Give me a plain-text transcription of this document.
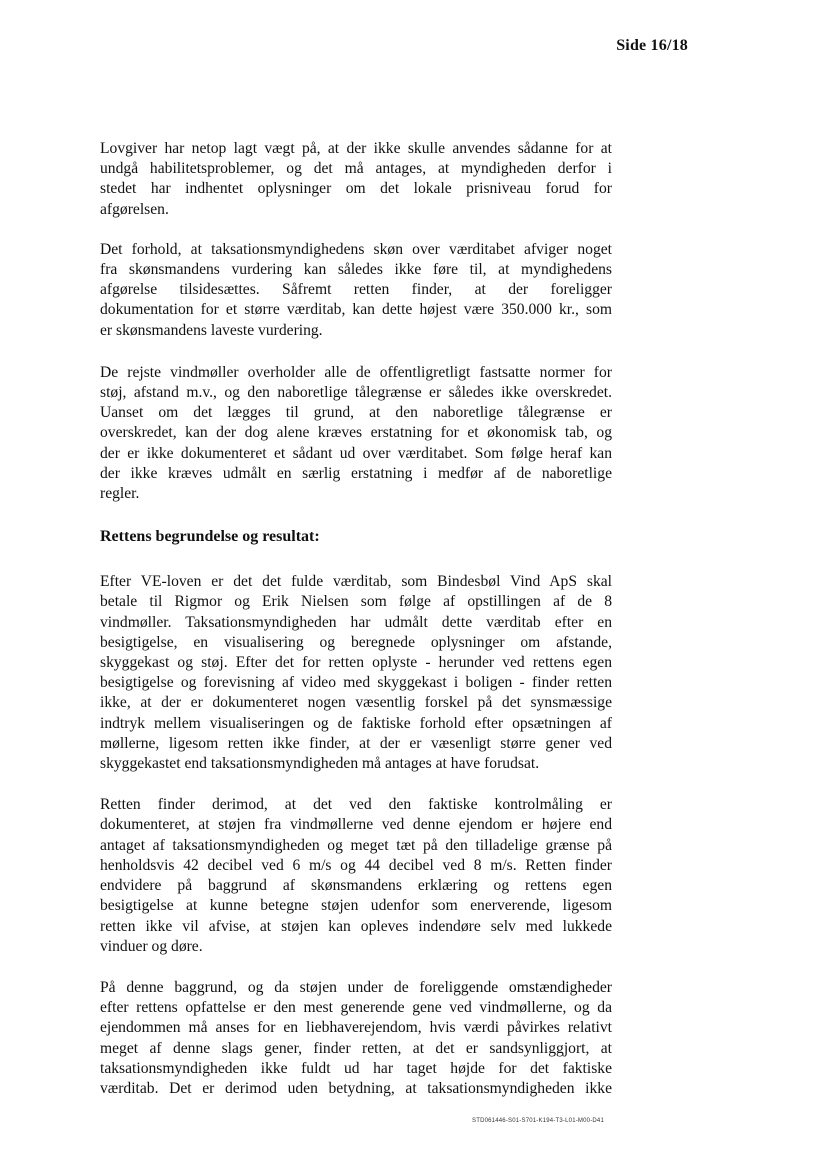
Side 16/18

Lovgiver har netop lagt vægt på, at der ikke skulle anvendes sådanne for at
undgå habilitetsproblemer, og det må antages, at myndigheden derfor i
stedet har indhentet oplysninger om det lokale prisniveau forud for
afgørelsen.

Det forhold, at taksationsmyndighedens skøn over værditabet afviger noget
fra skønsmandens vurdering kan således ikke føre til, at myndighedens
afgørelse tilsidesættes. Såfremt retten finder, at der foreligger
dokumentation for et større værditab, kan dette højest være 350.000 kr., som
er skønsmandens laveste vurdering.

De rejste vindmøller overholder alle de offentligretligt fastsatte normer for
støj, afstand m.v., og den naboretlige tålegrænse er således ikke overskredet.
Uanset om det lægges til grund, at den naboretlige tålegrænse er
overskredet, kan der dog alene kræves erstatning for et økonomisk tab, og
der er ikke dokumenteret et sådant ud over værditabet. Som følge heraf kan
der ikke kræves udmålt en særlig erstatning i medfør af de naboretlige
regler.

Rettens begrundelse og resultat:

Efter VE-loven er det det fulde værditab, som Bindesbøl Vind ApS skal
betale til Rigmor og Erik Nielsen som følge af opstillingen af de 8
vindmøller. Taksationsmyndigheden har udmålt dette værditab efter en
besigtigelse, en visualisering og beregnede oplysninger om afstande,
skyggekast og støj. Efter det for retten oplyste - herunder ved rettens egen
besigtigelse og forevisning af video med skyggekast i boligen - finder retten
ikke, at der er dokumenteret nogen væsentlig forskel på det synsmæssige
indtryk mellem visualiseringen og de faktiske forhold efter opsætningen af
møllerne, ligesom retten ikke finder, at der er væsenligt større gener ved
skyggekastet end taksationsmyndigheden må antages at have forudsat.

Retten finder derimod, at det ved den faktiske kontrolmåling er
dokumenteret, at støjen fra vindmøllerne ved denne ejendom er højere end
antaget af taksationsmyndigheden og meget tæt på den tilladelige grænse på
henholdsvis 42 decibel ved 6 m/s og 44 decibel ved 8 m/s. Retten finder
endvidere på baggrund af skønsmandens erklæring og rettens egen
besigtigelse at kunne betegne støjen udenfor som enerverende, ligesom
retten ikke vil afvise, at støjen kan opleves indendøre selv med lukkede
vinduer og døre.

På denne baggrund, og da støjen under de foreliggende omstændigheder
efter rettens opfattelse er den mest generende gene ved vindmøllerne, og da
ejendommen må anses for en liebhaverejendom, hvis værdi påvirkes relativt
meget af denne slags gener, finder retten, at det er sandsynliggjort, at
taksationsmyndigheden ikke fuldt ud har taget højde for det faktiske
værditab. Det er derimod uden betydning, at taksationsmyndigheden ikke

STD061446-S01-S701-K194-T3-L01-M00-D41
